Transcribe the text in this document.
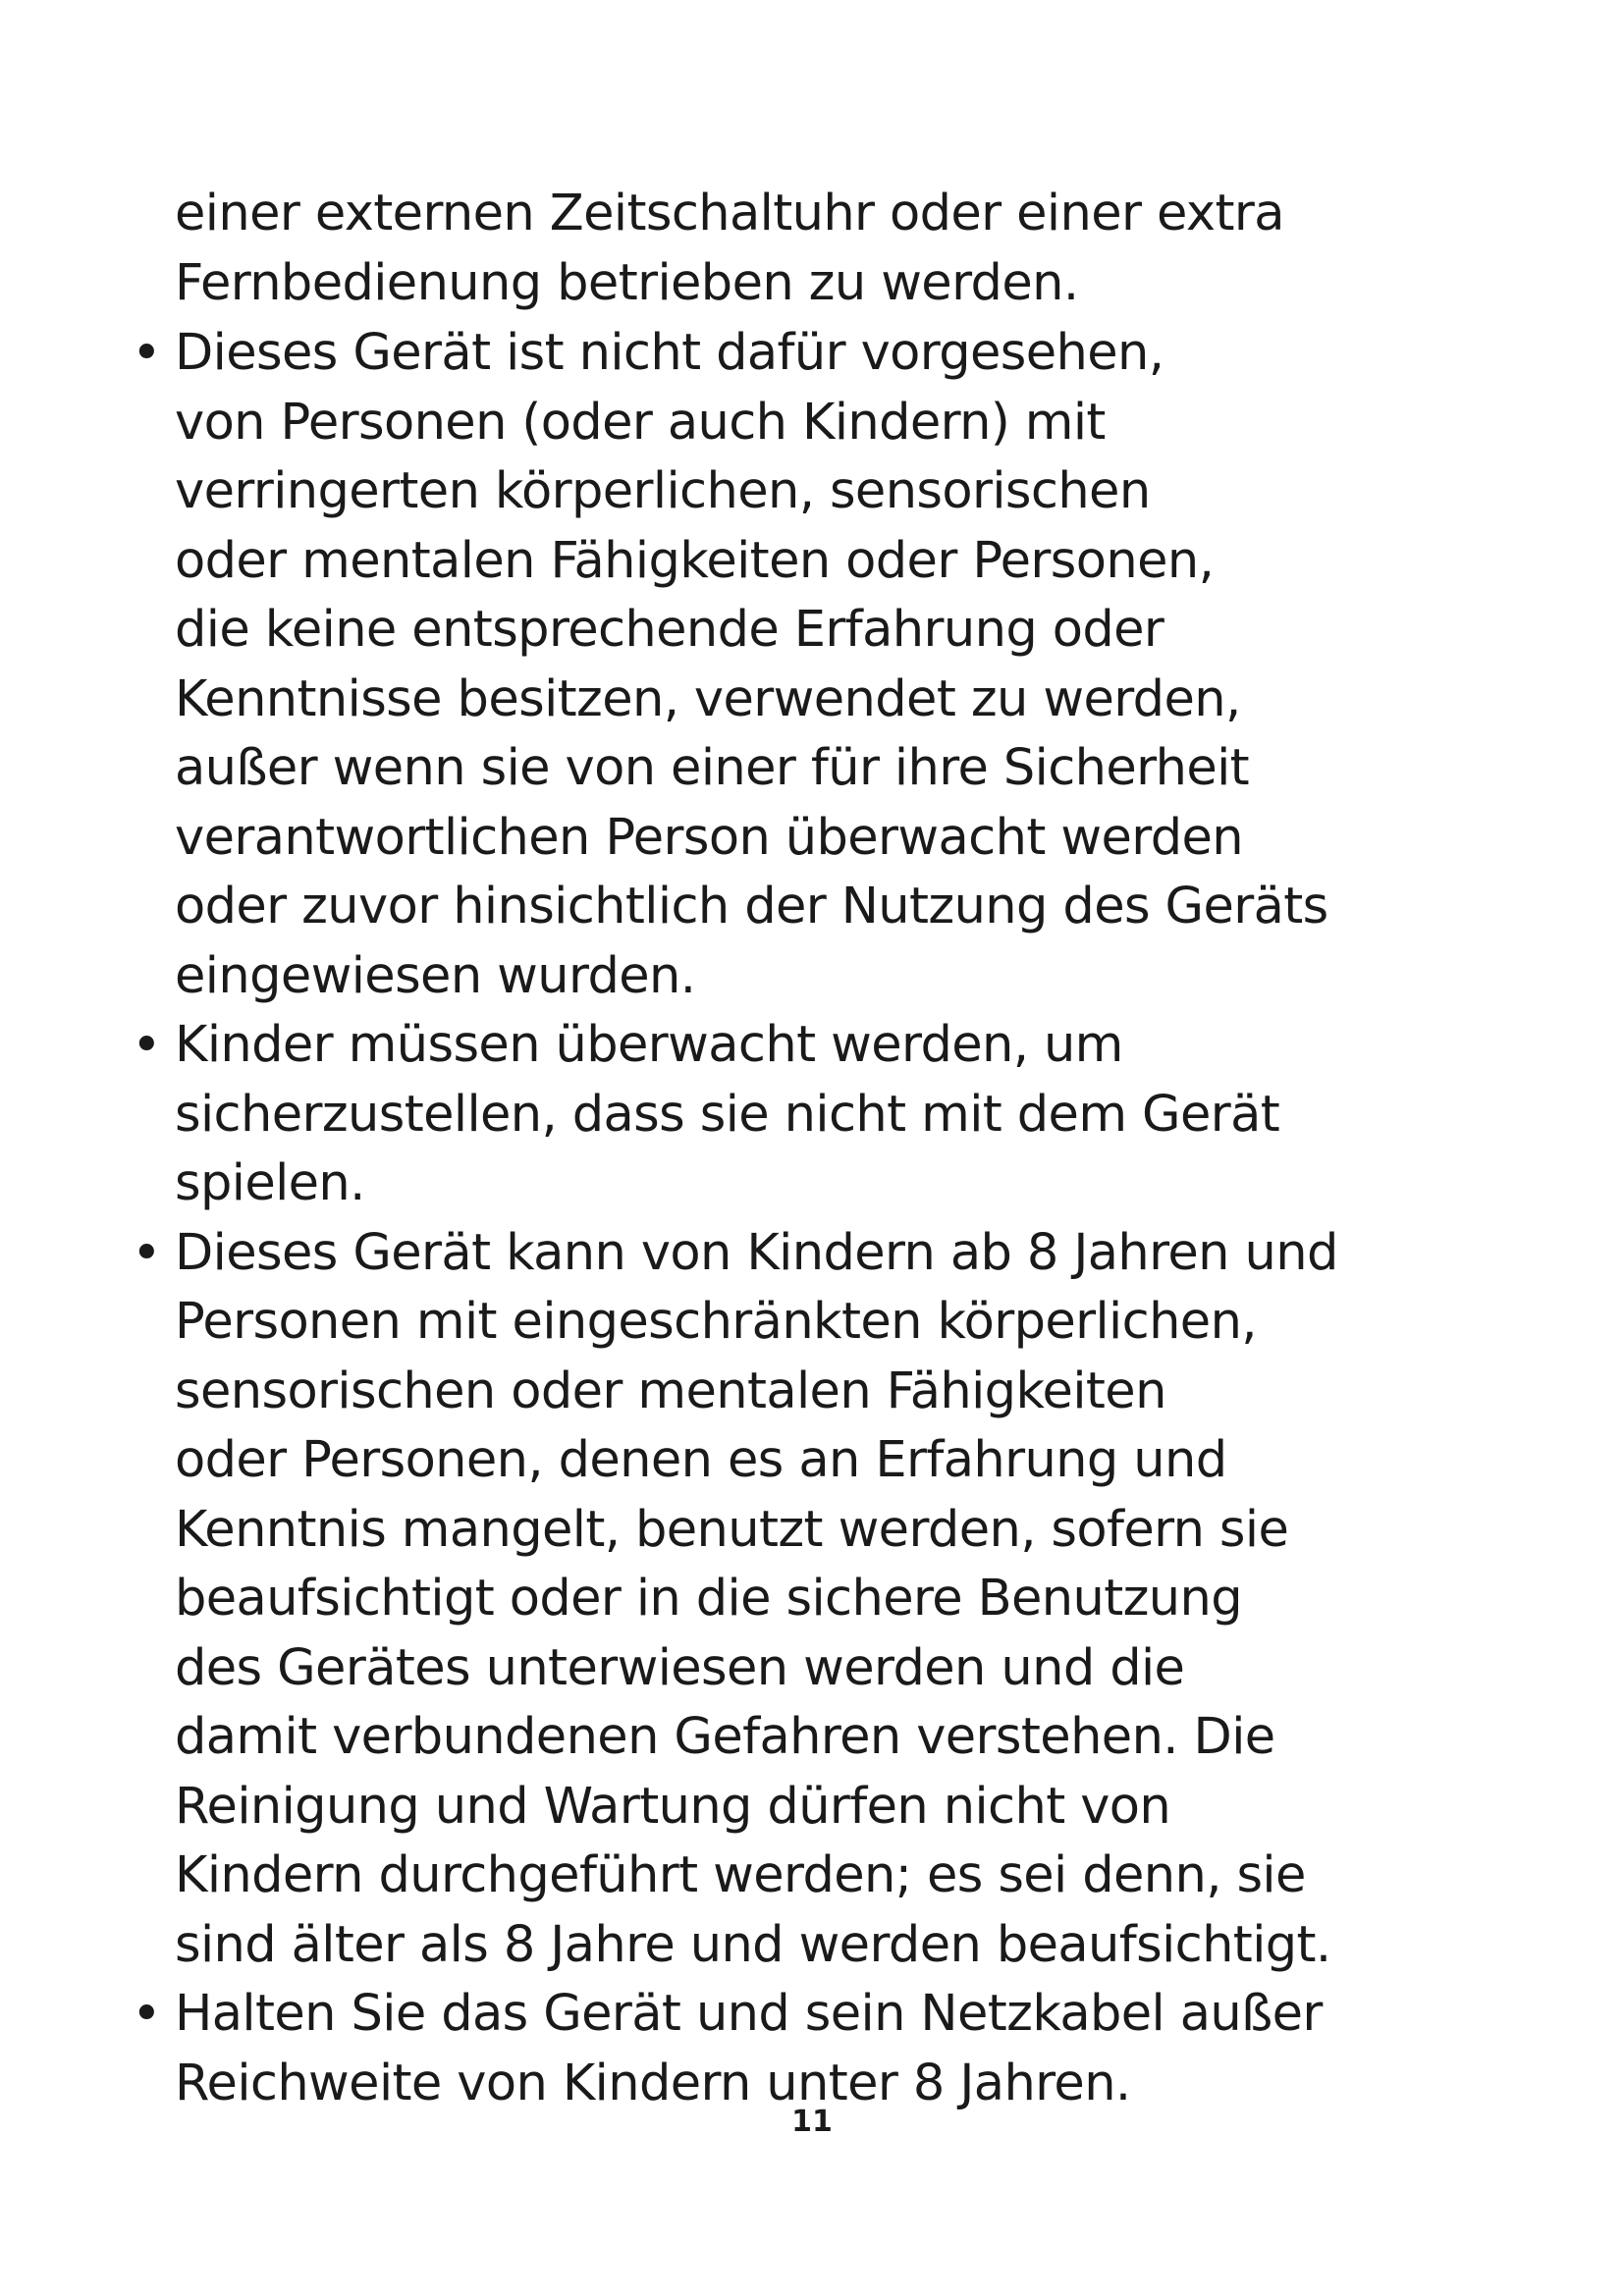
einer externen Zeitschaltuhr oder einer extra
Fernbedienung betrieben zu werden.
• Dieses Gerät ist nicht dafür vorgesehen,
von Personen (oder auch Kindern) mit
verringerten körperlichen, sensorischen
oder mentalen Fähigkeiten oder Personen,
die keine entsprechende Erfahrung oder
Kenntnisse besitzen, verwendet zu werden,
außer wenn sie von einer für ihre Sicherheit
verantwortlichen Person überwacht werden
oder zuvor hinsichtlich der Nutzung des Geräts
eingewiesen wurden.
• Kinder müssen überwacht werden, um
sicherzustellen, dass sie nicht mit dem Gerät
spielen.
• Dieses Gerät kann von Kindern ab 8 Jahren und
Personen mit eingeschränkten körperlichen,
sensorischen oder mentalen Fähigkeiten
oder Personen, denen es an Erfahrung und
Kenntnis mangelt, benutzt werden, sofern sie
beaufsichtigt oder in die sichere Benutzung
des Gerätes unterwiesen werden und die
damit verbundenen Gefahren verstehen. Die
Reinigung und Wartung dürfen nicht von
Kindern durchgeführt werden; es sei denn, sie
sind älter als 8 Jahre und werden beaufsichtigt.
• Halten Sie das Gerät und sein Netzkabel außer
Reichweite von Kindern unter 8 Jahren.
11
